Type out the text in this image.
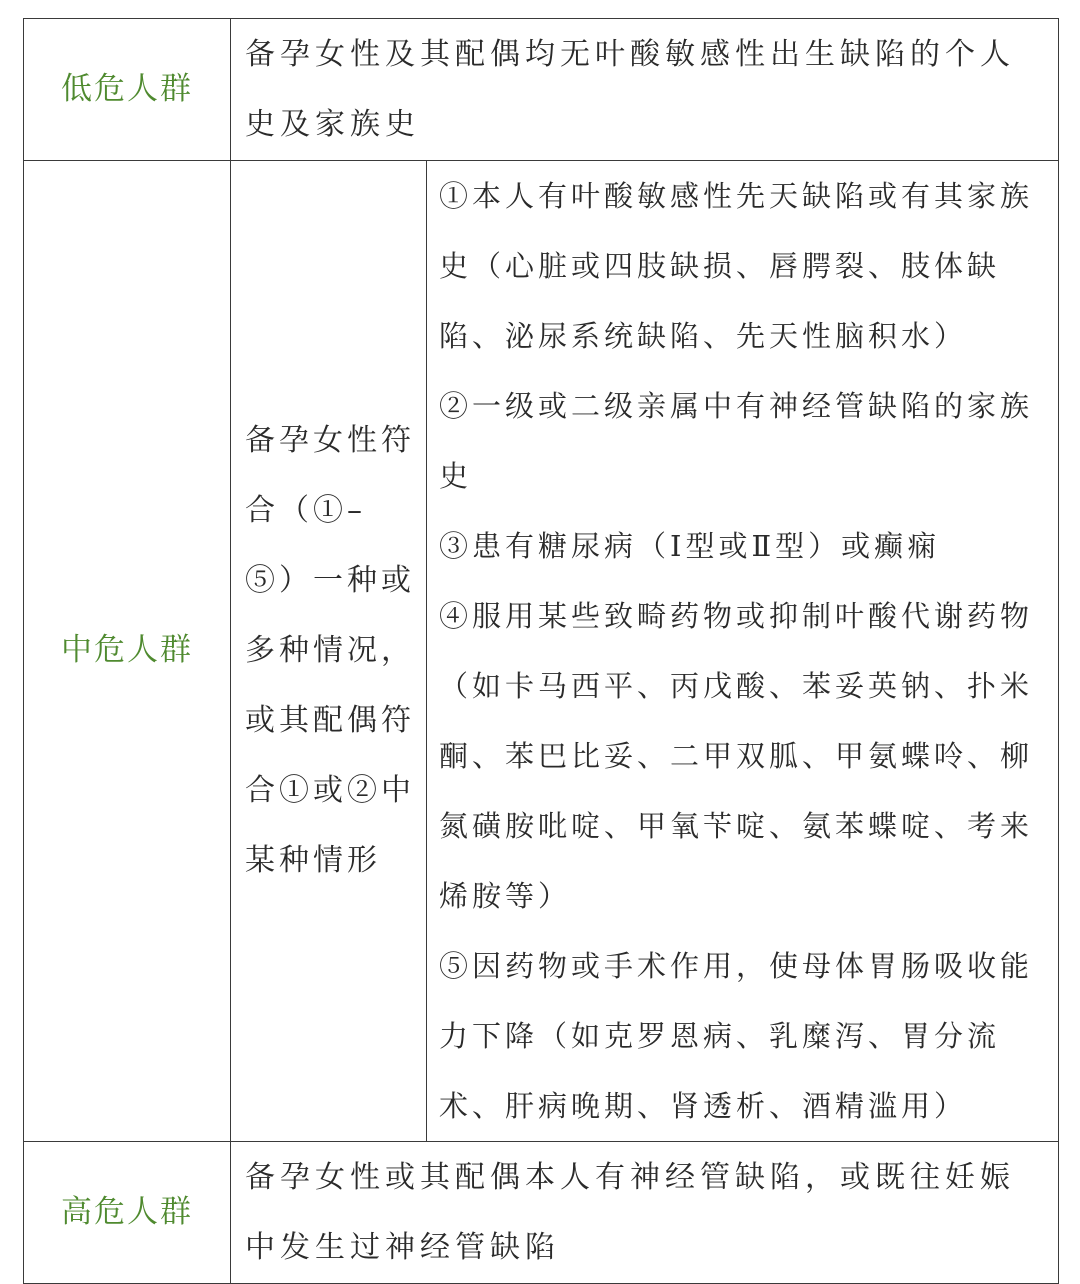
低危人群	备孕女性及其配偶均无叶酸敏感性出生缺陷的个人史及家族史	
中危人群	备孕女性符合（①–⑤）一种或多种情况，或其配偶符合①或②中某种情形	①本人有叶酸敏感性先天缺陷或有其家族史（心脏或四肢缺损、唇腭裂、肢体缺陷、泌尿系统缺陷、先天性脑积水）
②一级或二级亲属中有神经管缺陷的家族史
③患有糖尿病（Ⅰ型或Ⅱ型）或癫痫
④服用某些致畸药物或抑制叶酸代谢药物（如卡马西平、丙戊酸、苯妥英钠、扑米酮、苯巴比妥、二甲双胍、甲氨蝶呤、柳氮磺胺吡啶、甲氧苄啶、氨苯蝶啶、考来烯胺等）
⑤因药物或手术作用，使母体胃肠吸收能力下降（如克罗恩病、乳糜泻、胃分流术、肝病晚期、肾透析、酒精滥用）

高危人群	备孕女性或其配偶本人有神经管缺陷，或既往妊娠中发生过神经管缺陷	
